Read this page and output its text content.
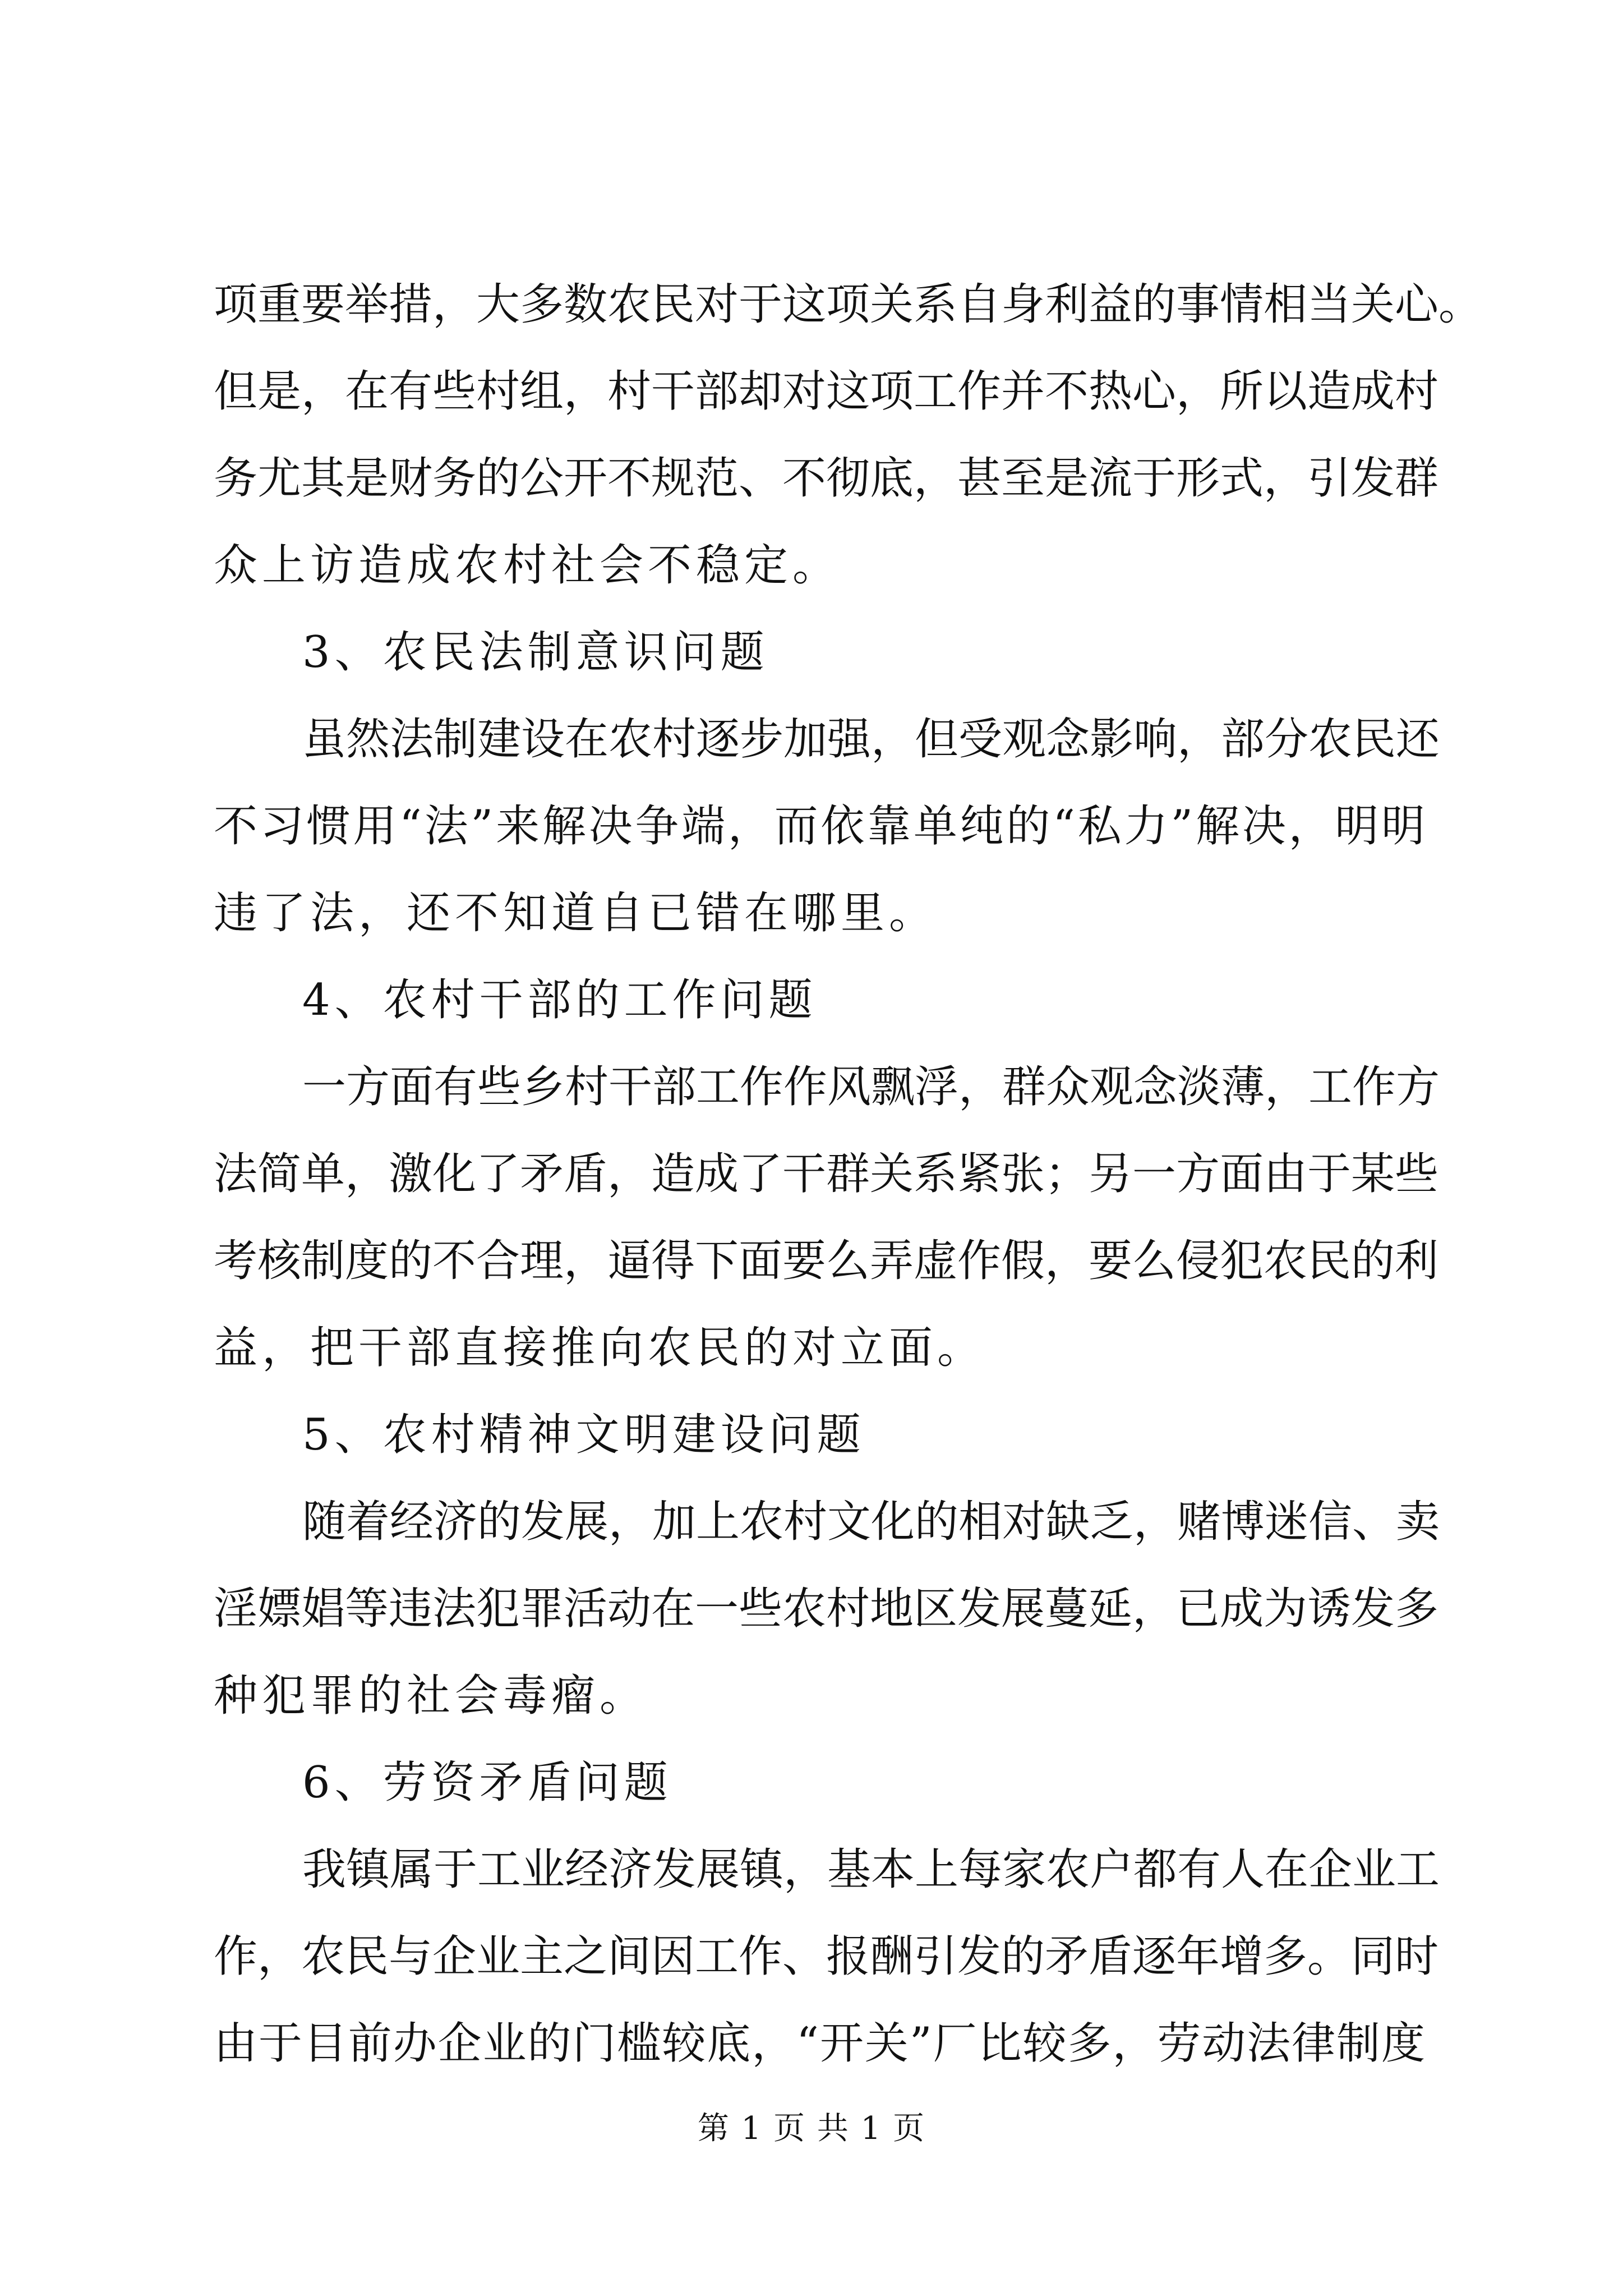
项重要举措，大多数农民对于这项关系自身利益的事情相当关心。
但是，在有些村组，村干部却对这项工作并不热心，所以造成村
务尤其是财务的公开不规范、不彻底，甚至是流于形式，引发群
众上访造成农村社会不稳定。
3、农民法制意识问题
虽然法制建设在农村逐步加强，但受观念影响，部分农民还
不习惯用“法”来解决争端，而依靠单纯的“私力”解决，明明
违了法，还不知道自已错在哪里。
4、农村干部的工作问题
一方面有些乡村干部工作作风飘浮，群众观念淡薄，工作方
法简单，激化了矛盾，造成了干群关系紧张；另一方面由于某些
考核制度的不合理，逼得下面要么弄虚作假，要么侵犯农民的利
益，把干部直接推向农民的对立面。
5、农村精神文明建设问题
随着经济的发展，加上农村文化的相对缺乏，赌博迷信、卖
淫嫖娼等违法犯罪活动在一些农村地区发展蔓延，已成为诱发多
种犯罪的社会毒瘤。
6、劳资矛盾问题
我镇属于工业经济发展镇，基本上每家农户都有人在企业工
作，农民与企业主之间因工作、报酬引发的矛盾逐年增多。同时
由于目前办企业的门槛较底，“开关”厂比较多，劳动法律制度
第 1 页 共 1 页
